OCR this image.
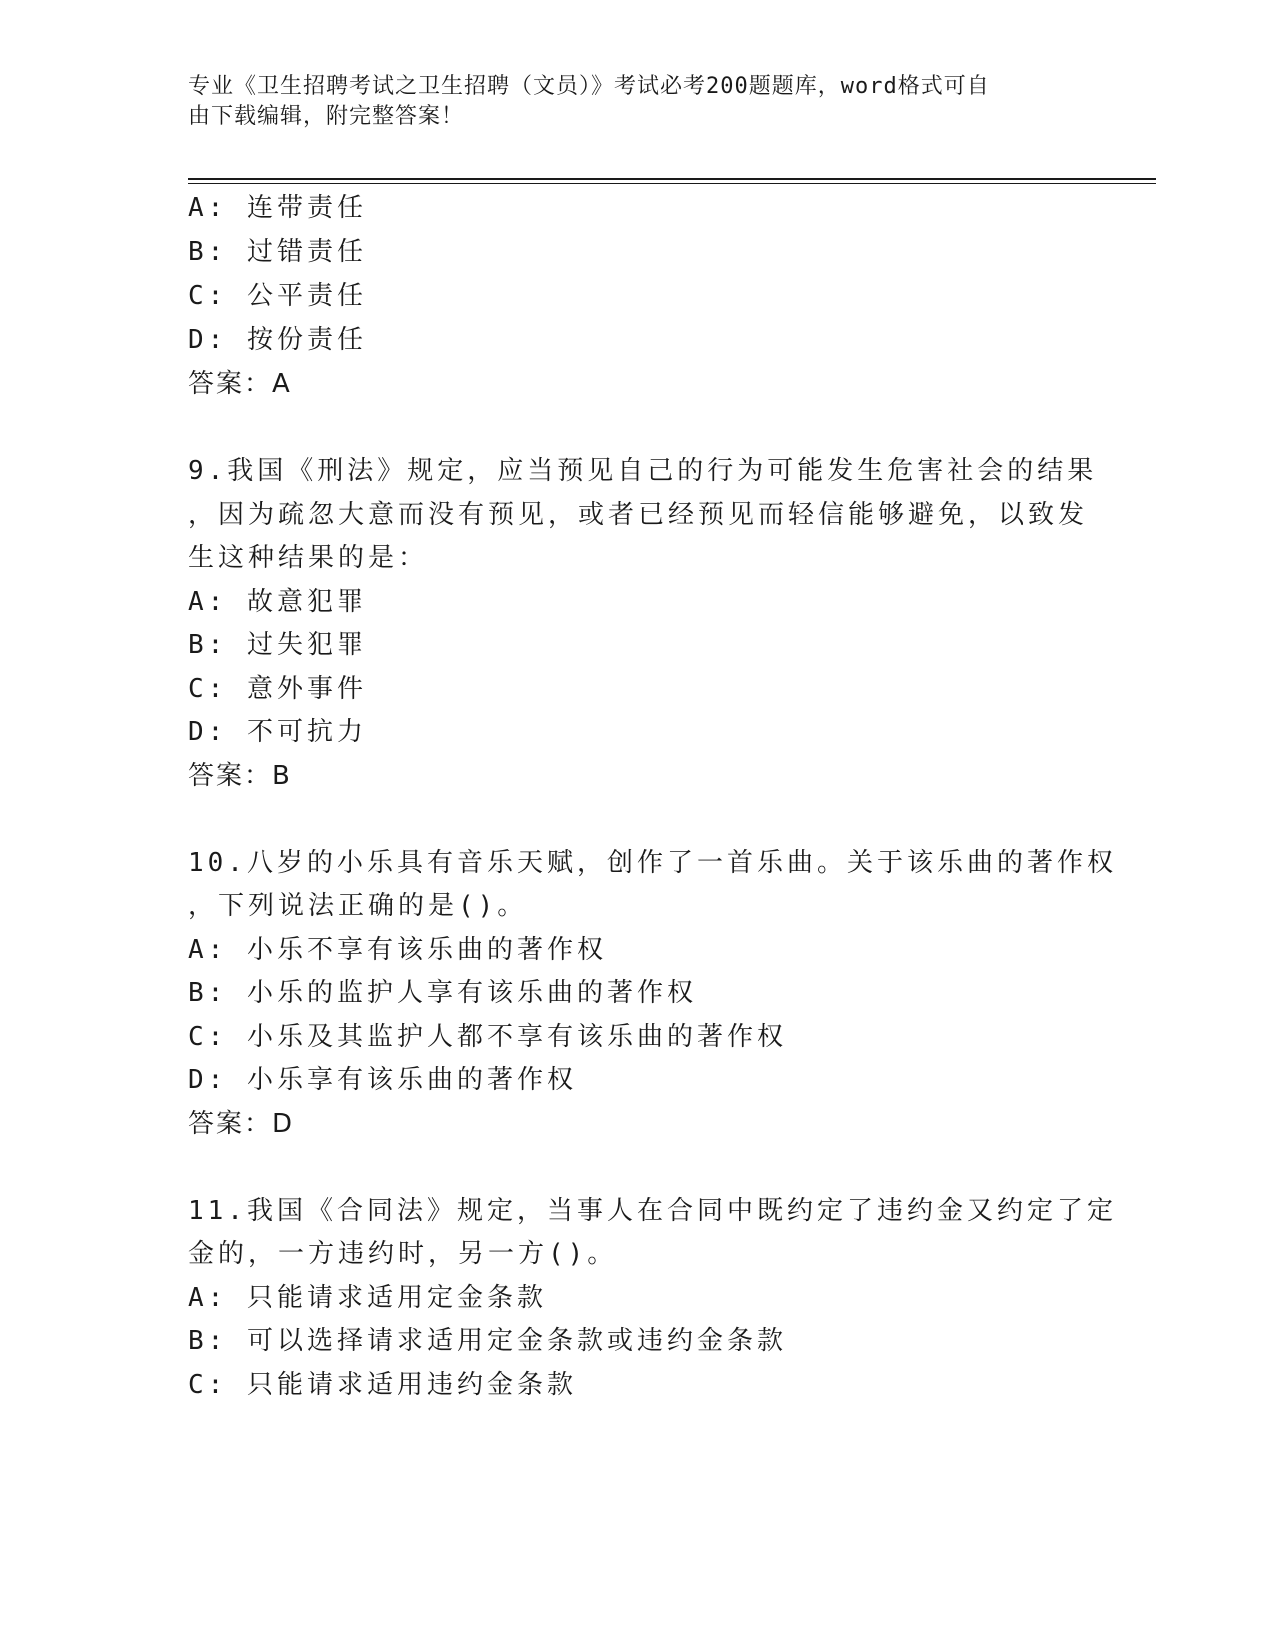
专业《卫生招聘考试之卫生招聘（文员）》考试必考200题题库，word格式可自
由下载编辑，附完整答案！
A: 连带责任
B: 过错责任
C: 公平责任
D: 按份责任
答案：A
9.我国《刑法》规定，应当预见自己的行为可能发生危害社会的结果
，因为疏忽大意而没有预见，或者已经预见而轻信能够避免，以致发
生这种结果的是：
A: 故意犯罪
B: 过失犯罪
C: 意外事件
D: 不可抗力
答案：B
10.八岁的小乐具有音乐天赋，创作了一首乐曲。关于该乐曲的著作权
，下列说法正确的是()。
A: 小乐不享有该乐曲的著作权
B: 小乐的监护人享有该乐曲的著作权
C: 小乐及其监护人都不享有该乐曲的著作权
D: 小乐享有该乐曲的著作权
答案：D
11.我国《合同法》规定，当事人在合同中既约定了违约金又约定了定
金的，一方违约时，另一方()。
A: 只能请求适用定金条款
B: 可以选择请求适用定金条款或违约金条款
C: 只能请求适用违约金条款
